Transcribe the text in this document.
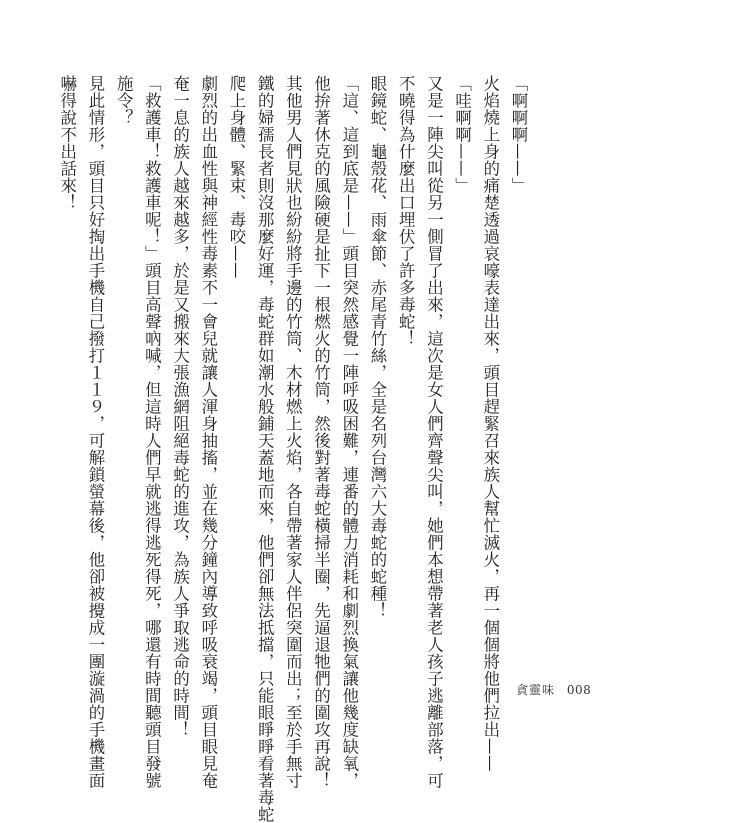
「啊啊啊——」
火焰燒上身的痛楚透過哀嚎表達出來，頭目趕緊召來族人幫忙滅火，再一個個將他們拉出——
「哇啊啊——」
又是一陣尖叫從另一側冒了出來，這次是女人們齊聲尖叫，她們本想帶著老人孩子逃離部落，可
不曉得為什麼出口埋伏了許多毒蛇！
眼鏡蛇、龜殼花、雨傘節、赤尾青竹絲，全是名列台灣六大毒蛇的蛇種！
「這、這到底是——」頭目突然感覺一陣呼吸困難，連番的體力消耗和劇烈換氣讓他幾度缺氧，
他拚著休克的風險硬是扯下一根燃火的竹筒，然後對著毒蛇橫掃半圈，先逼退牠們的圍攻再說！
其他男人們見狀也紛紛將手邊的竹筒、木材燃上火焰，各自帶著家人伴侶突圍而出；至於手無寸
鐵的婦孺長者則沒那麼好運，毒蛇群如潮水般鋪天蓋地而來，他們卻無法抵擋，只能眼睜睜看著毒蛇
爬上身體、緊束、毒咬——
劇烈的出血性與神經性毒素不一會兒就讓人渾身抽搐，並在幾分鐘內導致呼吸衰竭，頭目眼見奄
奄一息的族人越來越多，於是又搬來大張漁網阻絕毒蛇的進攻，為族人爭取逃命的時間！
「救護車！救護車呢！」頭目高聲吶喊，但這時人們早就逃得逃死得死，哪還有時間聽頭目發號
施令？
見此情形，頭目只好掏出手機自己撥打１１９，可解鎖螢幕後，他卻被攪成一團漩渦的手機畫面
嚇得說不出話來！
貪靈味 008
